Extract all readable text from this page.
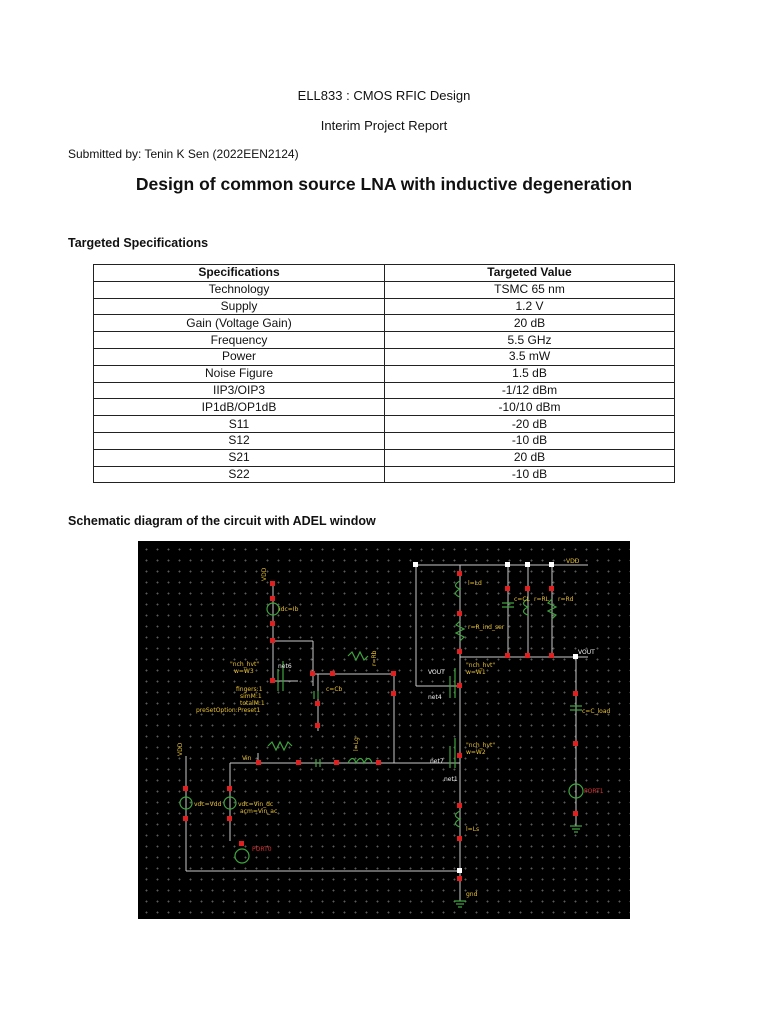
ELL833 : CMOS RFIC Design
Interim Project Report
Submitted by: Tenin K Sen (2022EEN2124)
Design of common source LNA with inductive degeneration
Targeted Specifications
Specifications	Targeted Value
Technology	TSMC 65 nm
Supply	1.2 V
Gain (Voltage Gain)	20 dB
Frequency	5.5 GHz
Power	3.5 mW
Noise Figure	1.5 dB
IIP3/OIP3	-1/12 dBm
IP1dB/OP1dB	-10/10 dBm
S11	-20 dB
S12	-10 dB
S21	20 dB
S22	-10 dB
Schematic diagram of the circuit with ADEL window
VDD
VDD
VDD
idc=Ib
"nch_hvt"
w=W3
fingers:1
simM:1
totalM:1
preSetOption:Preset1
c=Cb
r=Rb
Vin
vdc=Vdd	vdc=Vin_dc
acm=Vin_ac
PORT0
l=Ld
c=CL r=RL r=Rd
r=R_ind_ser
VOUT
VOUT
c=C_load
PORT1
"nch_hvt"
w=W1
"nch_hvt"
w=W2
l=Lg
l=Ls
net4
net7
net1
net6
gnd
